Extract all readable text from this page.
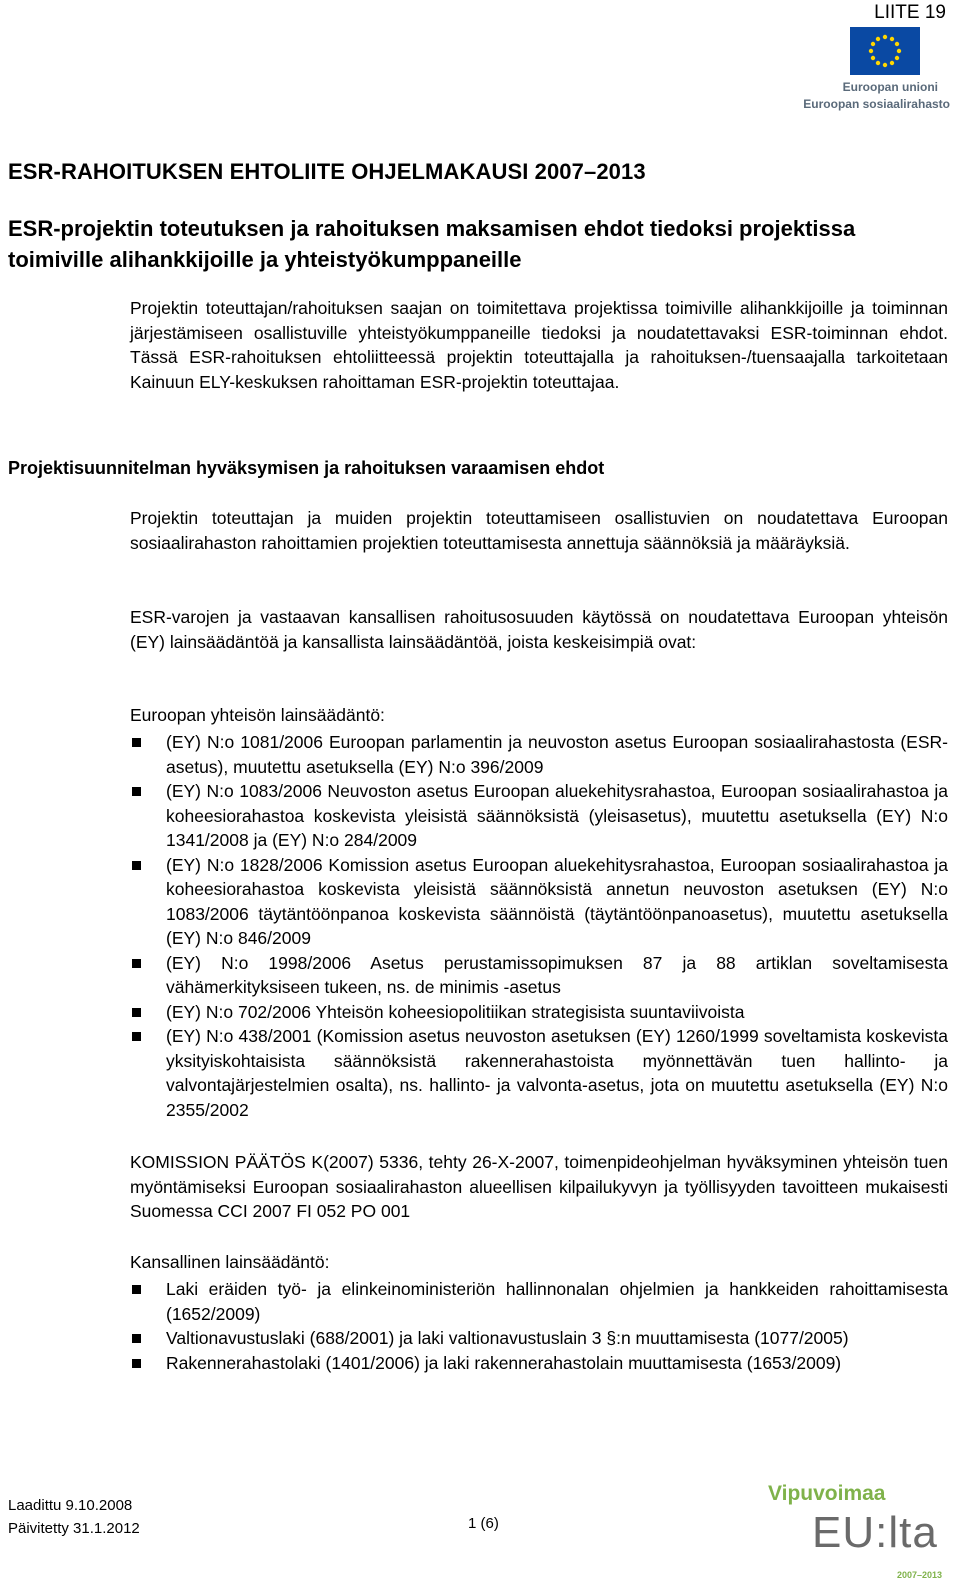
LIITE 19
Euroopan unioni
Euroopan sosiaalirahasto
ESR-RAHOITUKSEN EHTOLIITE OHJELMAKAUSI 2007–2013
ESR-projektin toteutuksen ja rahoituksen maksamisen ehdot tiedoksi projektissa toimiville alihankkijoille ja yhteistyökumppaneille
Projektin toteuttajan/rahoituksen saajan on toimitettava projektissa toimiville alihankkijoille ja toiminnan järjestämiseen osallistuville yhteistyökumppaneille tiedoksi ja noudatettavaksi ESR-toiminnan ehdot. Tässä ESR-rahoituksen ehtoliitteessä projektin toteuttajalla ja rahoituksen-/tuensaajalla tarkoitetaan Kainuun ELY-keskuksen rahoittaman ESR-projektin toteuttajaa.
Projektisuunnitelman hyväksymisen ja rahoituksen varaamisen ehdot
Projektin toteuttajan ja muiden projektin toteuttamiseen osallistuvien on noudatettava Euroopan sosiaalirahaston rahoittamien projektien toteuttamisesta annettuja säännöksiä ja määräyksiä.
ESR-varojen ja vastaavan kansallisen rahoitusosuuden käytössä on noudatettava Euroopan yhteisön (EY) lainsäädäntöä ja kansallista lainsäädäntöä, joista keskeisimpiä ovat:
Euroopan yhteisön lainsäädäntö:
(EY) N:o 1081/2006 Euroopan parlamentin ja neuvoston asetus Euroopan sosiaalirahastosta (ESR-asetus), muutettu asetuksella (EY) N:o 396/2009
(EY) N:o 1083/2006 Neuvoston asetus Euroopan aluekehitysrahastoa, Euroopan sosiaalirahastoa ja koheesiorahastoa koskevista yleisistä säännöksistä (yleisasetus), muutettu asetuksella (EY) N:o 1341/2008 ja (EY) N:o 284/2009
(EY) N:o 1828/2006 Komission asetus Euroopan aluekehitysrahastoa, Euroopan sosiaalirahastoa ja koheesiorahastoa koskevista yleisistä säännöksistä annetun neuvoston asetuksen (EY) N:o 1083/2006 täytäntöönpanoa koskevista säännöistä (täytäntöönpanoasetus), muutettu asetuksella (EY) N:o 846/2009
(EY) N:o 1998/2006 Asetus perustamissopimuksen 87 ja 88 artiklan soveltamisesta vähämerkityksiseen tukeen, ns. de minimis -asetus
(EY) N:o 702/2006 Yhteisön koheesiopolitiikan strategisista suuntaviivoista
(EY) N:o 438/2001 (Komission asetus neuvoston asetuksen (EY) 1260/1999 soveltamista koskevista yksityiskohtaisista säännöksistä rakennerahastoista myönnettävän tuen hallinto- ja valvontajärjestelmien osalta), ns. hallinto- ja valvonta-asetus, jota on muutettu asetuksella (EY) N:o 2355/2002
KOMISSION PÄÄTÖS K(2007) 5336, tehty 26-X-2007, toimenpideohjelman hyväksyminen yhteisön tuen myöntämiseksi Euroopan sosiaalirahaston alueellisen kilpailukyvyn ja työllisyyden tavoitteen mukaisesti Suomessa CCI 2007 FI 052 PO 001
Kansallinen lainsäädäntö:
Laki eräiden työ- ja elinkeinoministeriön hallinnonalan ohjelmien ja hankkeiden rahoittamisesta (1652/2009)
Valtionavustuslaki (688/2001) ja laki valtionavustuslain 3 §:n muuttamisesta (1077/2005)
Rakennerahastolaki (1401/2006) ja laki rakennerahastolain muuttamisesta (1653/2009)
Laadittu 9.10.2008
Päivitetty 31.1.2012	1 (6)
Vipuvoimaa
EU:lta
2007–2013
